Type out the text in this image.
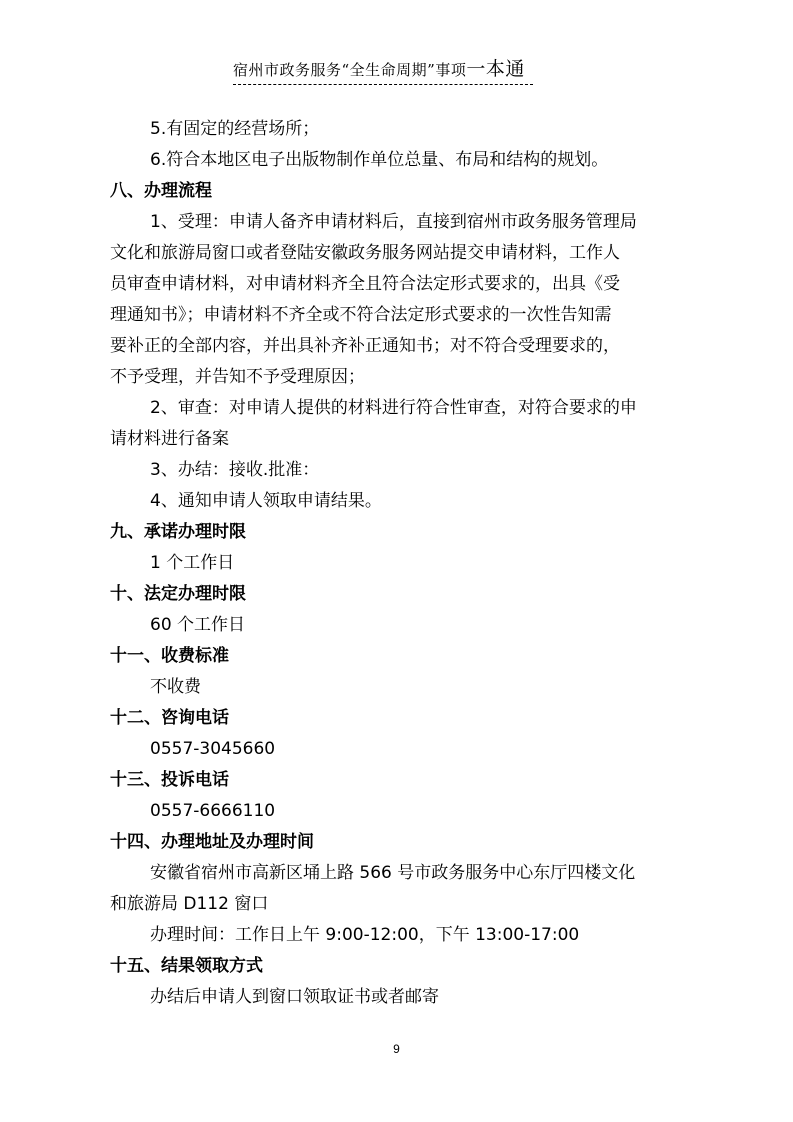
宿州市政务服务“全生命周期”事项一本通
5.有固定的经营场所；
6.符合本地区电子出版物制作单位总量、布局和结构的规划。
八、办理流程
1、受理：申请人备齐申请材料后，直接到宿州市政务服务管理局
文化和旅游局窗口或者登陆安徽政务服务网站提交申请材料，工作人
员审查申请材料，对申请材料齐全且符合法定形式要求的，出具《受
理通知书》；申请材料不齐全或不符合法定形式要求的一次性告知需
要补正的全部内容，并出具补齐补正通知书；对不符合受理要求的，
不予受理，并告知不予受理原因；
2、审查：对申请人提供的材料进行符合性审查，对符合要求的申
请材料进行备案
3、办结：接收.批准：
4、通知申请人领取申请结果。
九、承诺办理时限
1 个工作日
十、法定办理时限
60 个工作日
十一、收费标准
不收费
十二、咨询电话
0557-3045660
十三、投诉电话
0557-6666110
十四、办理地址及办理时间
安徽省宿州市高新区埇上路 566 号市政务服务中心东厅四楼文化
和旅游局 D112 窗口
办理时间：工作日上午 9:00-12:00，下午 13:00-17:00
十五、结果领取方式
办结后申请人到窗口领取证书或者邮寄
9
